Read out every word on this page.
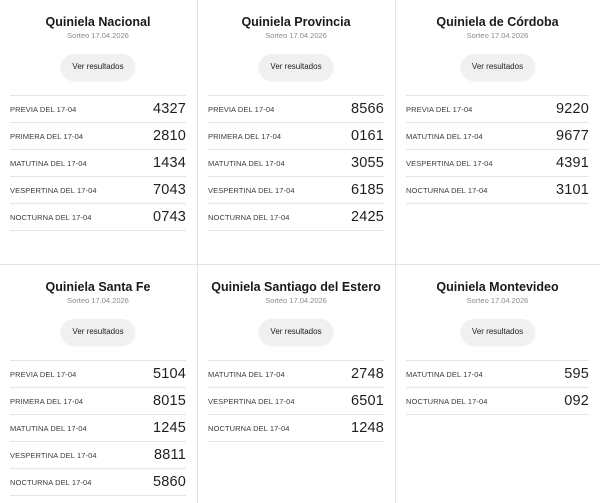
Quiniela Nacional
Sorteo 17.04.2026
Ver resultados
PREVIA DEL 17-04	4327
PRIMERA DEL 17-04	2810
MATUTINA DEL 17-04	1434
VESPERTINA DEL 17-04	7043
NOCTURNA DEL 17-04	0743
Quiniela Provincia
Sorteo 17.04.2026
Ver resultados
PREVIA DEL 17-04	8566
PRIMERA DEL 17-04	0161
MATUTINA DEL 17-04	3055
VESPERTINA DEL 17-04	6185
NOCTURNA DEL 17-04	2425
Quiniela de Córdoba
Sorteo 17.04.2026
Ver resultados
PREVIA DEL 17-04	9220
MATUTINA DEL 17-04	9677
VESPERTINA DEL 17-04	4391
NOCTURNA DEL 17-04	3101
Quiniela Santa Fe
Sorteo 17.04.2026
Ver resultados
PREVIA DEL 17-04	5104
PRIMERA DEL 17-04	8015
MATUTINA DEL 17-04	1245
VESPERTINA DEL 17-04	8811
NOCTURNA DEL 17-04	5860
Quiniela Santiago del Estero
Sorteo 17.04.2026
Ver resultados
MATUTINA DEL 17-04	2748
VESPERTINA DEL 17-04	6501
NOCTURNA DEL 17-04	1248
Quiniela Montevideo
Sorteo 17.04.2026
Ver resultados
MATUTINA DEL 17-04	595
NOCTURNA DEL 17-04	092
